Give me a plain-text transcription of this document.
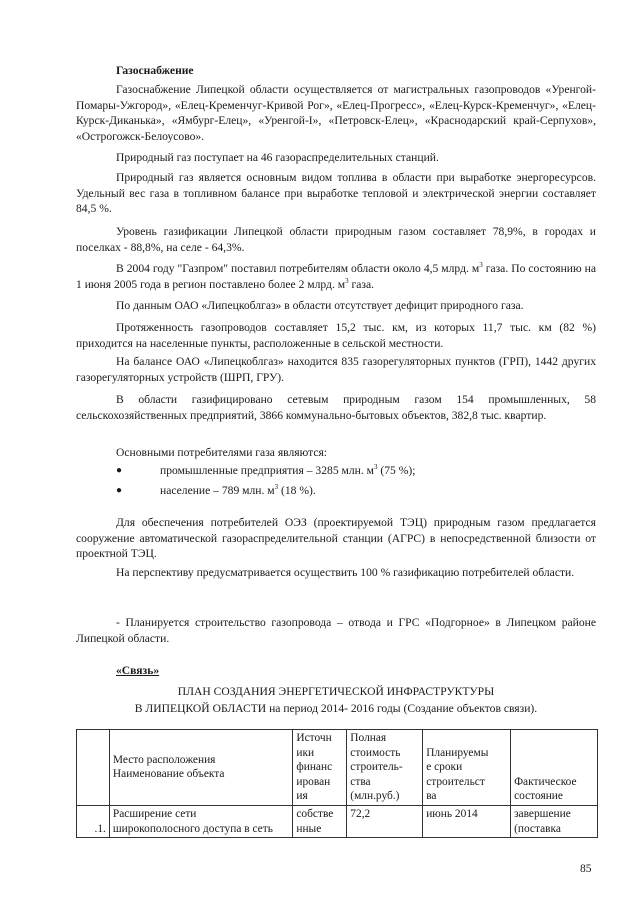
Газоснабжение

Газоснабжение Липецкой области осуществляется от магистральных газопроводов «Уренгой-Помары-Ужгород», «Елец-Кременчуг-Кривой Рог», «Елец-Прогресс», «Елец-Курск-Кременчуг», «Елец-Курск-Диканька», «Ямбург-Елец», «Уренгой-I», «Петровск-Елец», «Краснодарский край-Серпухов», «Острогожск-Белоусово».

Природный газ поступает на 46 газораспределительных станций.

Природный газ является основным видом топлива в области при выработке энергоресурсов. Удельный вес газа в топливном балансе при выработке тепловой и электрической энергии составляет 84,5 %.

Уровень газификации Липецкой области природным газом составляет 78,9%, в городах и поселках - 88,8%, на селе - 64,3%.

В 2004 году "Газпром" поставил потребителям области около 4,5 млрд. $м^3$ газа. По состоянию на 1 июня 2005 года в регион поставлено более 2 млрд. $м^3$ газа.

По данным ОАО «Липецкоблгаз» в области отсутствует дефицит природного газа.

Протяженность газопроводов составляет 15,2 тыс. км, из которых 11,7 тыс. км (82 %) приходится на населенные пункты, расположенные в сельской местности.

На балансе ОАО «Липецкоблгаз» находится 835 газорегуляторных пунктов (ГРП), 1442 других газорегуляторных устройств (ШРП, ГРУ).

В области газифицировано сетевым природным газом 154 промышленных, 58 сельскохозяйственных предприятий, 3866 коммунально-бытовых объектов, 382,8 тыс. квартир.

Основными потребителями газа являются:

●	промышленные предприятия – 3285 млн. $м^3$ (75 %);
●	население – 789 млн. $м^3$ (18 %).

Для обеспечения потребителей ОЭЗ (проектируемой ТЭЦ) природным газом предлагается сооружение автоматической газораспределительной станции (АГРС) в непосредственной близости от проектной ТЭЦ.

На перспективу предусматривается осуществить 100 % газификацию потребителей области.

- Планируется строительство газопровода – отвода и ГРС «Подгорное» в Липецком районе Липецкой области.

«Связь»
ПЛАН СОЗДАНИЯ ЭНЕРГЕТИЧЕСКОЙ ИНФРАСТРУКТУРЫ
В ЛИПЕЦКОЙ ОБЛАСТИ на период 2014- 2016 годы (Создание объектов связи).
	Место расположения
Наименование объекта	Источн
ики
финанс
ирован
ия	Полная
стоимость
строитель-
ства
(млн.руб.)	Планируемы
е сроки
строительст
ва	Фактическое
состояние
.1.	Расширение сети
широкополосного доступа в сеть	собстве
нные	72,2	июнь 2014	завершение
(поставка
85
